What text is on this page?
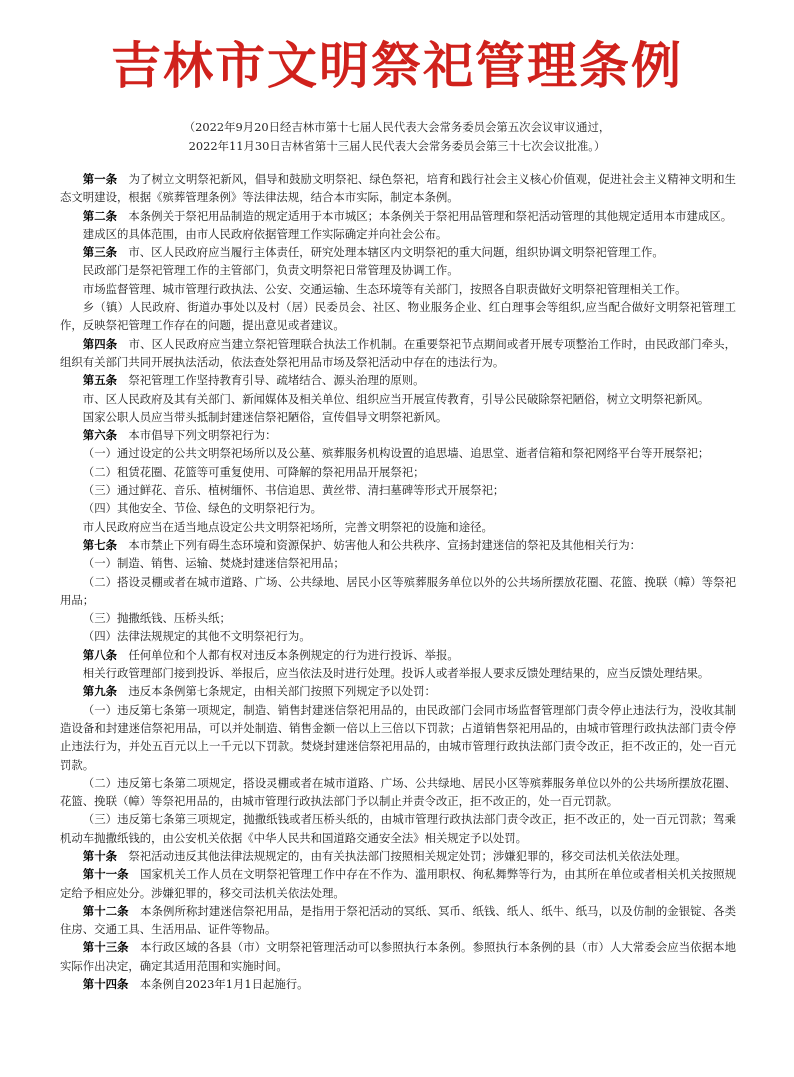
吉林市文明祭祀管理条例
（2022年9月20日经吉林市第十七届人民代表大会常务委员会第五次会议审议通过，
2022年11月30日吉林省第十三届人民代表大会常务委员会第三十七次会议批准。）

第一条　 为了树立文明祭祀新风，倡导和鼓励文明祭祀、绿色祭祀，培育和践行社会主义核心价值观，促进社会主义精神文明和生态文明建设，根据《殡葬管理条例》等法律法规，结合本市实际，制定本条例。

第二条　 本条例关于祭祀用品制造的规定适用于本市城区；本条例关于祭祀用品管理和祭祀活动管理的其他规定适用本市建成区。

建成区的具体范围，由市人民政府依据管理工作实际确定并向社会公布。

第三条　 市、区人民政府应当履行主体责任，研究处理本辖区内文明祭祀的重大问题，组织协调文明祭祀管理工作。

民政部门是祭祀管理工作的主管部门，负责文明祭祀日常管理及协调工作。

市场监督管理、城市管理行政执法、公安、交通运输、生态环境等有关部门，按照各自职责做好文明祭祀管理相关工作。

乡（镇）人民政府、街道办事处以及村（居）民委员会、社区、物业服务企业、红白理事会等组织,应当配合做好文明祭祀管理工作，反映祭祀管理工作存在的问题，提出意见或者建议。

第四条　 市、区人民政府应当建立祭祀管理联合执法工作机制。在重要祭祀节点期间或者开展专项整治工作时，由民政部门牵头，组织有关部门共同开展执法活动，依法查处祭祀用品市场及祭祀活动中存在的违法行为。

第五条　 祭祀管理工作坚持教育引导、疏堵结合、源头治理的原则。

市、区人民政府及其有关部门、新闻媒体及相关单位、组织应当开展宣传教育，引导公民破除祭祀陋俗，树立文明祭祀新风。

国家公职人员应当带头抵制封建迷信祭祀陋俗，宣传倡导文明祭祀新风。

第六条　 本市倡导下列文明祭祀行为：

（一）通过设定的公共文明祭祀场所以及公墓、殡葬服务机构设置的追思墙、追思堂、逝者信箱和祭祀网络平台等开展祭祀；

（二）租赁花圈、花篮等可重复使用、可降解的祭祀用品开展祭祀；

（三）通过鲜花、音乐、植树缅怀、书信追思、黄丝带、清扫墓碑等形式开展祭祀；

（四）其他安全、节俭、绿色的文明祭祀行为。

市人民政府应当在适当地点设定公共文明祭祀场所，完善文明祭祀的设施和途径。

第七条　 本市禁止下列有碍生态环境和资源保护、妨害他人和公共秩序、宣扬封建迷信的祭祀及其他相关行为：

（一）制造、销售、运输、焚烧封建迷信祭祀用品；

（二）搭设灵棚或者在城市道路、广场、公共绿地、居民小区等殡葬服务单位以外的公共场所摆放花圈、花篮、挽联（幛）等祭祀用品；

（三）抛撒纸钱、压桥头纸；

（四）法律法规规定的其他不文明祭祀行为。

第八条　 任何单位和个人都有权对违反本条例规定的行为进行投诉、举报。

相关行政管理部门接到投诉、举报后，应当依法及时进行处理。投诉人或者举报人要求反馈处理结果的，应当反馈处理结果。

第九条　 违反本条例第七条规定，由相关部门按照下列规定予以处罚：

（一）违反第七条第一项规定，制造、销售封建迷信祭祀用品的，由民政部门会同市场监督管理部门责令停止违法行为，没收其制造设备和封建迷信祭祀用品，可以并处制造、销售金额一倍以上三倍以下罚款；占道销售祭祀用品的，由城市管理行政执法部门责令停止违法行为，并处五百元以上一千元以下罚款。焚烧封建迷信祭祀用品的，由城市管理行政执法部门责令改正，拒不改正的，处一百元罚款。

（二）违反第七条第二项规定，搭设灵棚或者在城市道路、广场、公共绿地、居民小区等殡葬服务单位以外的公共场所摆放花圈、花篮、挽联（幛）等祭祀用品的，由城市管理行政执法部门予以制止并责令改正，拒不改正的，处一百元罚款。

（三）违反第七条第三项规定，抛撒纸钱或者压桥头纸的，由城市管理行政执法部门责令改正，拒不改正的，处一百元罚款；驾乘机动车抛撒纸钱的，由公安机关依据《中华人民共和国道路交通安全法》相关规定予以处罚。

第十条　 祭祀活动违反其他法律法规规定的，由有关执法部门按照相关规定处罚；涉嫌犯罪的，移交司法机关依法处理。

第十一条　 国家机关工作人员在文明祭祀管理工作中存在不作为、滥用职权、徇私舞弊等行为，由其所在单位或者相关机关按照规定给予相应处分。涉嫌犯罪的，移交司法机关依法处理。

第十二条　 本条例所称封建迷信祭祀用品，是指用于祭祀活动的冥纸、冥币、纸钱、纸人、纸牛、纸马，以及仿制的金银锭、各类住房、交通工具、生活用品、证件等物品。

第十三条　 本行政区域的各县（市）文明祭祀管理活动可以参照执行本条例。参照执行本条例的县（市）人大常委会应当依据本地实际作出决定，确定其适用范围和实施时间。

第十四条　 本条例自2023年1月1日起施行。
